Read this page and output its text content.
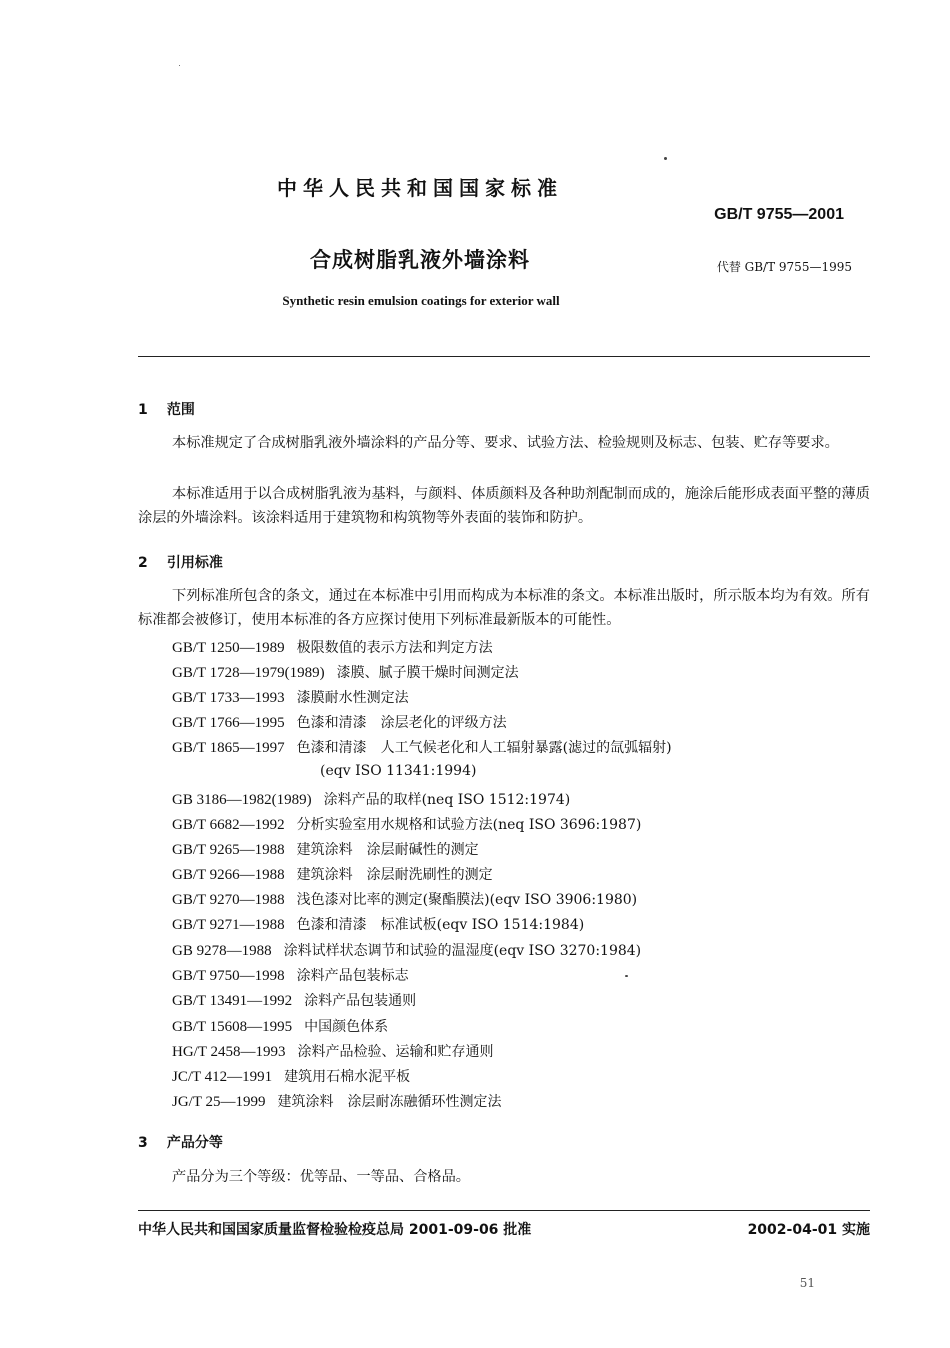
中华人民共和国国家标准
GB/T 9755—2001
合成树脂乳液外墙涂料	代替 GB/T 9755—1995
Synthetic resin emulsion coatings for exterior wall
1 范围
本标准规定了合成树脂乳液外墙涂料的产品分等、要求、试验方法、检验规则及标志、包装、贮存等要求。
本标准适用于以合成树脂乳液为基料，与颜料、体质颜料及各种助剂配制而成的，施涂后能形成表面平整的薄质涂层的外墙涂料。该涂料适用于建筑物和构筑物等外表面的装饰和防护。
2 引用标准
下列标准所包含的条文，通过在本标准中引用而构成为本标准的条文。本标准出版时，所示版本均为有效。所有标准都会被修订，使用本标准的各方应探讨使用下列标准最新版本的可能性。
GB/T 1250—1989 极限数值的表示方法和判定方法
GB/T 1728—1979(1989) 漆膜、腻子膜干燥时间测定法
GB/T 1733—1993 漆膜耐水性测定法
GB/T 1766—1995 色漆和清漆　涂层老化的评级方法
GB/T 1865—1997 色漆和清漆　人工气候老化和人工辐射暴露(滤过的氙弧辐射)
(eqv ISO 11341:1994)
GB 3186—1982(1989) 涂料产品的取样(neq ISO 1512:1974)
GB/T 6682—1992 分析实验室用水规格和试验方法(neq ISO 3696:1987)
GB/T 9265—1988 建筑涂料　涂层耐碱性的测定
GB/T 9266—1988 建筑涂料　涂层耐洗刷性的测定
GB/T 9270—1988 浅色漆对比率的测定(聚酯膜法)(eqv ISO 3906:1980)
GB/T 9271—1988 色漆和清漆　标准试板(eqv ISO 1514:1984)
GB 9278—1988 涂料试样状态调节和试验的温湿度(eqv ISO 3270:1984)
GB/T 9750—1998 涂料产品包装标志
GB/T 13491—1992 涂料产品包装通则
GB/T 15608—1995 中国颜色体系
HG/T 2458—1993 涂料产品检验、运输和贮存通则
JC/T 412—1991 建筑用石棉水泥平板
JG/T 25—1999 建筑涂料　涂层耐冻融循环性测定法
3 产品分等
产品分为三个等级：优等品、一等品、合格品。
中华人民共和国国家质量监督检验检疫总局 2001-09-06 批准	2002-04-01 实施
51
